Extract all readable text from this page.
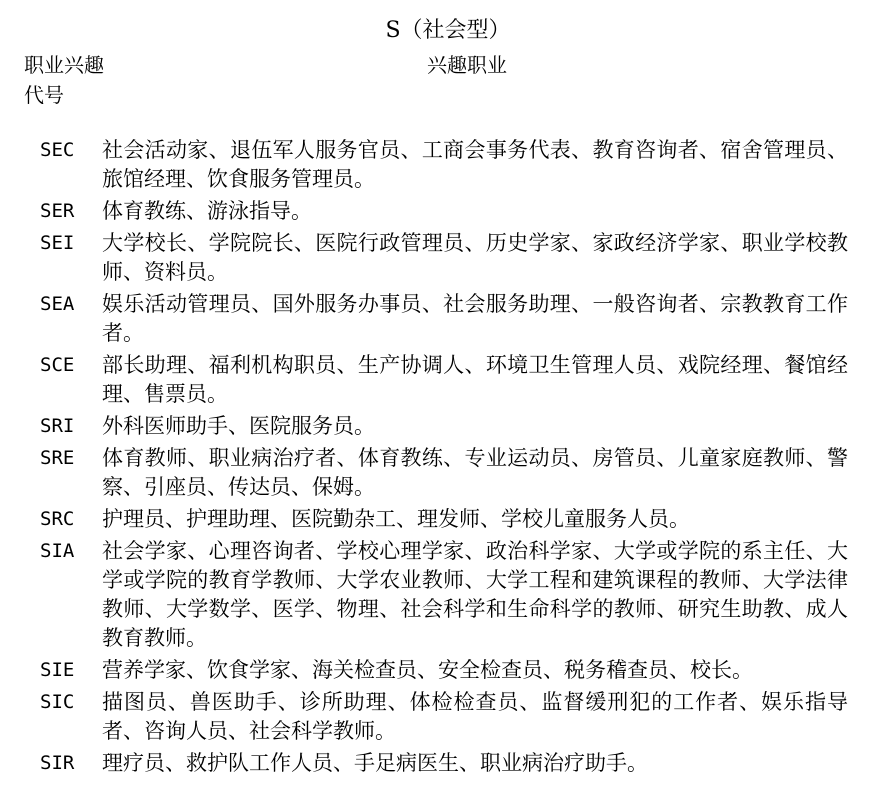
S（社会型）
职业兴趣代号
兴趣职业
SEC 社会活动家、退伍军人服务官员、工商会事务代表、教育咨询者、宿舍管理员、旅馆经理、饮食服务管理员。
SER 体育教练、游泳指导。
SEI 大学校长、学院院长、医院行政管理员、历史学家、家政经济学家、职业学校教师、资料员。
SEA 娱乐活动管理员、国外服务办事员、社会服务助理、一般咨询者、宗教教育工作者。
SCE 部长助理、福利机构职员、生产协调人、环境卫生管理人员、戏院经理、餐馆经理、售票员。
SRI 外科医师助手、医院服务员。
SRE 体育教师、职业病治疗者、体育教练、专业运动员、房管员、儿童家庭教师、警察、引座员、传达员、保姆。
SRC 护理员、护理助理、医院勤杂工、理发师、学校儿童服务人员。
SIA 社会学家、心理咨询者、学校心理学家、政治科学家、大学或学院的系主任、大学或学院的教育学教师、大学农业教师、大学工程和建筑课程的教师、大学法律教师、大学数学、医学、物理、社会科学和生命科学的教师、研究生助教、成人教育教师。
SIE 营养学家、饮食学家、海关检查员、安全检查员、税务稽查员、校长。
SIC 描图员、兽医助手、诊所助理、体检检查员、监督缓刑犯的工作者、娱乐指导者、咨询人员、社会科学教师。
SIR 理疗员、救护队工作人员、手足病医生、职业病治疗助手。
